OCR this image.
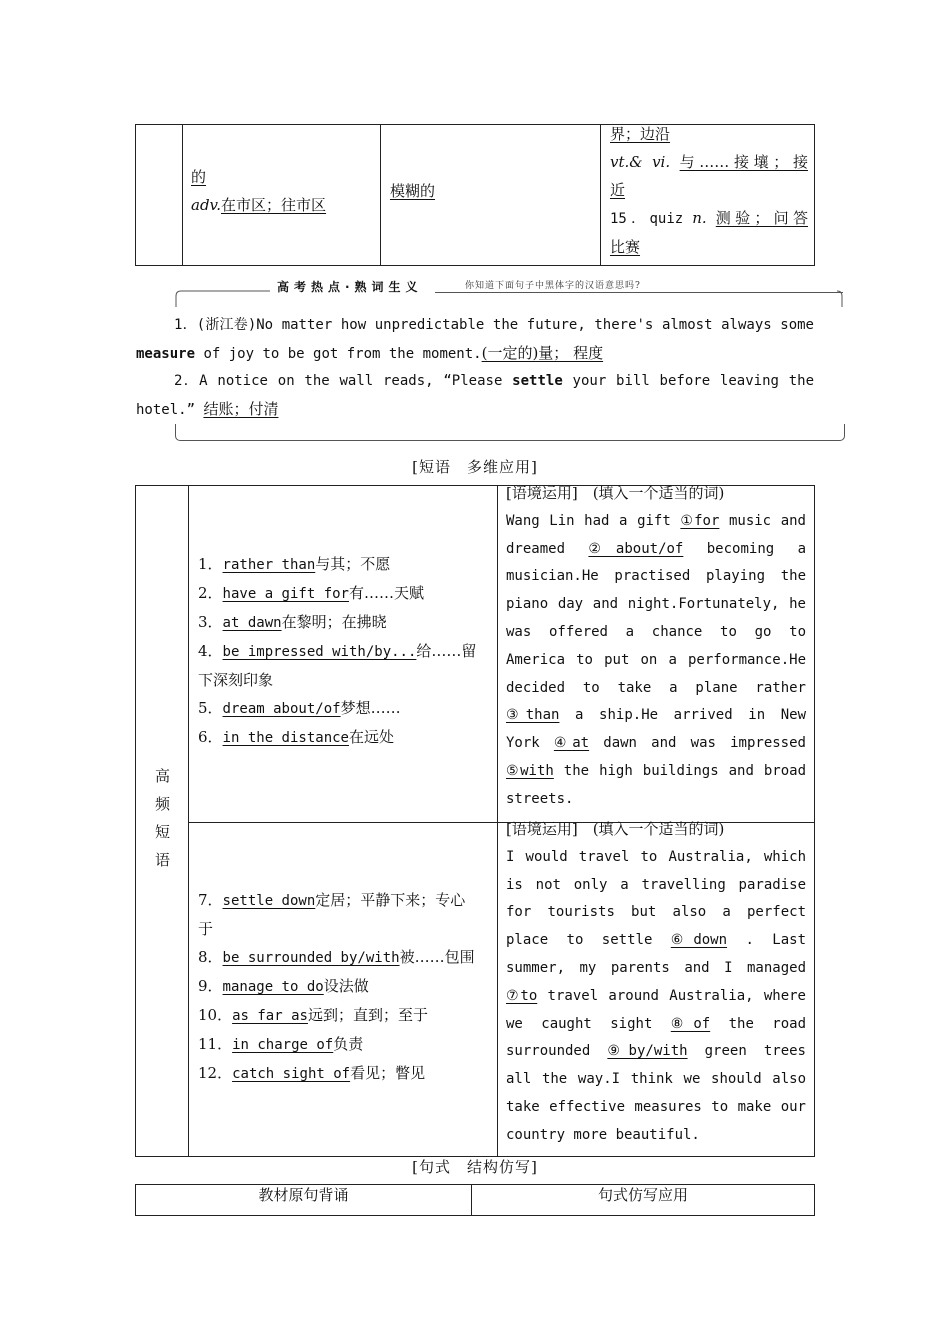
的
adv.在市区；往市区
模糊的
界；边沿
vt.& vi. 与……接壤；接
近
15．quiz n. 测验；问答
比赛
高考热点·熟词生义	你知道下面句子中黑体字的汉语意思吗?

1．(浙江卷)No matter how unpredictable the future, there's almost always some measure of joy to be got from the moment.(一定的)量； 程度

2．A notice on the wall reads, “Please settle your bill before leaving the hotel.” 结账；付清

[短语　多维应用]
高
频
短
语
1．rather than与其；不愿
2．have a gift for有……天赋
3．at dawn在黎明；在拂晓
4．be impressed with/by...给……留
下深刻印象
5．dream about/of梦想……
6．in the distance在远处
7．settle down定居；平静下来；专心
于
8．be surrounded by/with被……包围
9．manage to do设法做
10．as far as远到；直到；至于
11．in charge of负责
12．catch sight of看见；瞥见
[语境运用]　(填入一个适当的词)
Wang Lin had a gift ①for music and
dreamed ②about/of becoming a
musician.He practised playing the
piano day and night.Fortunately, he
was offered a chance to go to
America to put on a performance.He
decided to take a plane rather
③than a ship.He arrived in New
York ④at dawn and was impressed
⑤with the high buildings and broad
streets.
[语境运用]　(填入一个适当的词)
I would travel to Australia, which
is not only a travelling paradise
for tourists but also a perfect
place to settle ⑥down . Last
summer, my parents and I managed
⑦to travel around Australia, where
we caught sight ⑧of the road
surrounded ⑨by/with green trees
all the way.I think we should also
take effective measures to make our
country more beautiful.
[句式　结构仿写]
教材原句背诵	句式仿写应用
